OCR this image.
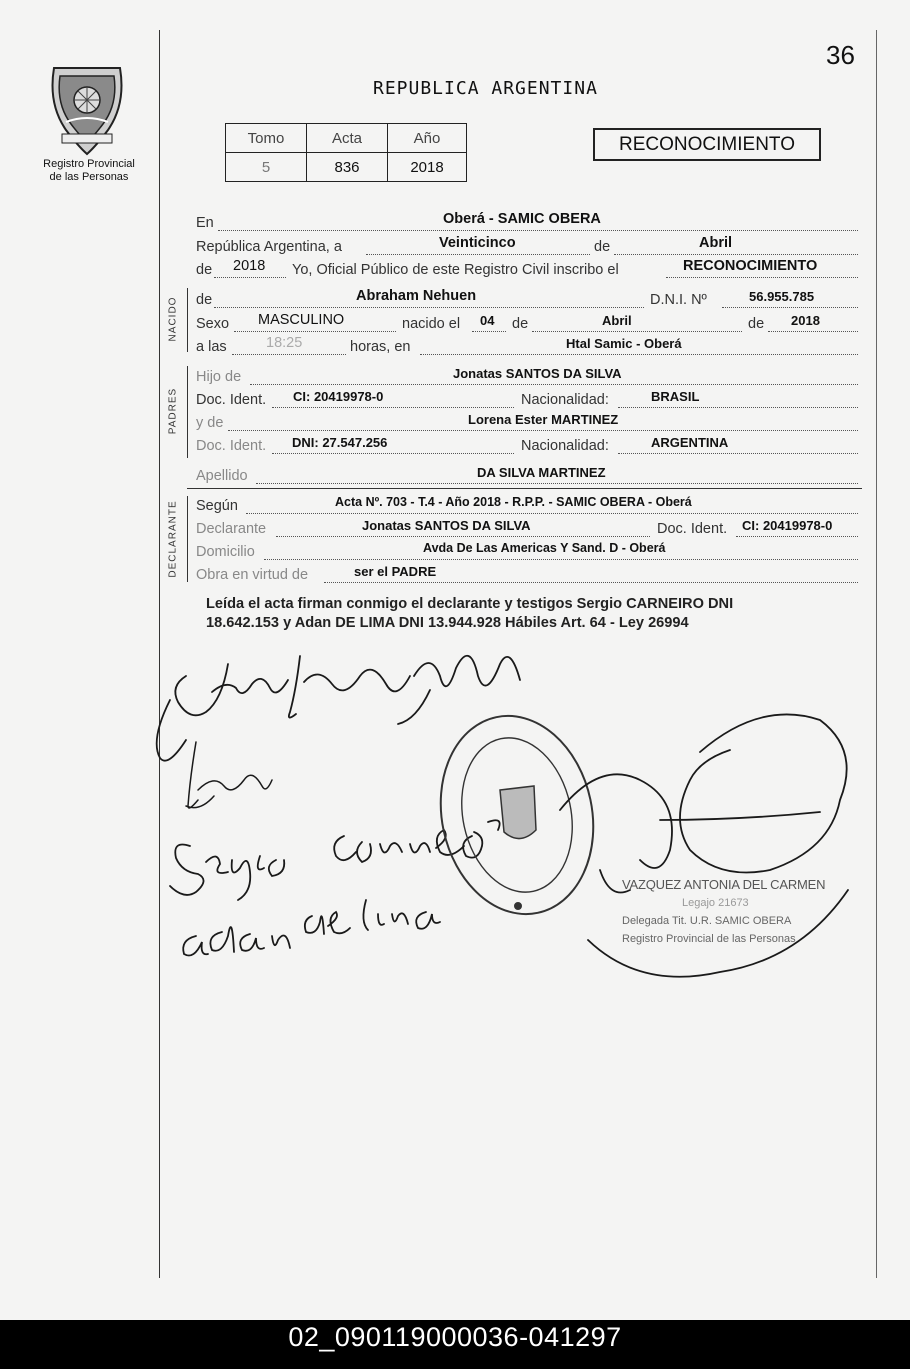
36
Registro Provincial
de las Personas
REPUBLICA ARGENTINA
Tomo	Acta	Año
5	836	2018
RECONOCIMIENTO
En	Oberá - SAMIC OBERA
República Argentina, a	Veinticinco	de	Abril
de 2018 Yo, Oficial Público de este Registro Civil inscribo el	RECONOCIMIENTO
NACIDO de	Abraham Nehuen	D.N.I. Nº	56.955.785
Sexo MASCULINO	nacido el 04 de	Abril	de 2018
a las	18:25	horas, en	Htal Samic - Oberá
PADRES
Hijo de	Jonatas SANTOS DA SILVA
Doc. Ident. CI: 20419978-0	Nacionalidad:	BRASIL
y de	Lorena Ester MARTINEZ
Doc. Ident. DNI: 27.547.256	Nacionalidad:	ARGENTINA
Apellido	DA SILVA MARTINEZ
DECLARANTE Según	Acta Nº. 703 - T.4 - Año 2018 - R.P.P. - SAMIC OBERA - Oberá
Declarante	Jonatas SANTOS DA SILVA	Doc. Ident. CI: 20419978-0
Domicilio	Avda De Las Americas Y Sand. D - Oberá
Obra en virtud de	ser el PADRE
Leída el acta firman conmigo el declarante y testigos Sergio CARNEIRO DNI
18.642.153 y Adan DE LIMA DNI 13.944.928 Hábiles Art. 64 - Ley 26994
VAZQUEZ ANTONIA DEL CARMEN
Legajo 21673
Delegada Tit. U.R. SAMIC OBERA
Registro Provincial de las Personas
02_090119000036-041297
